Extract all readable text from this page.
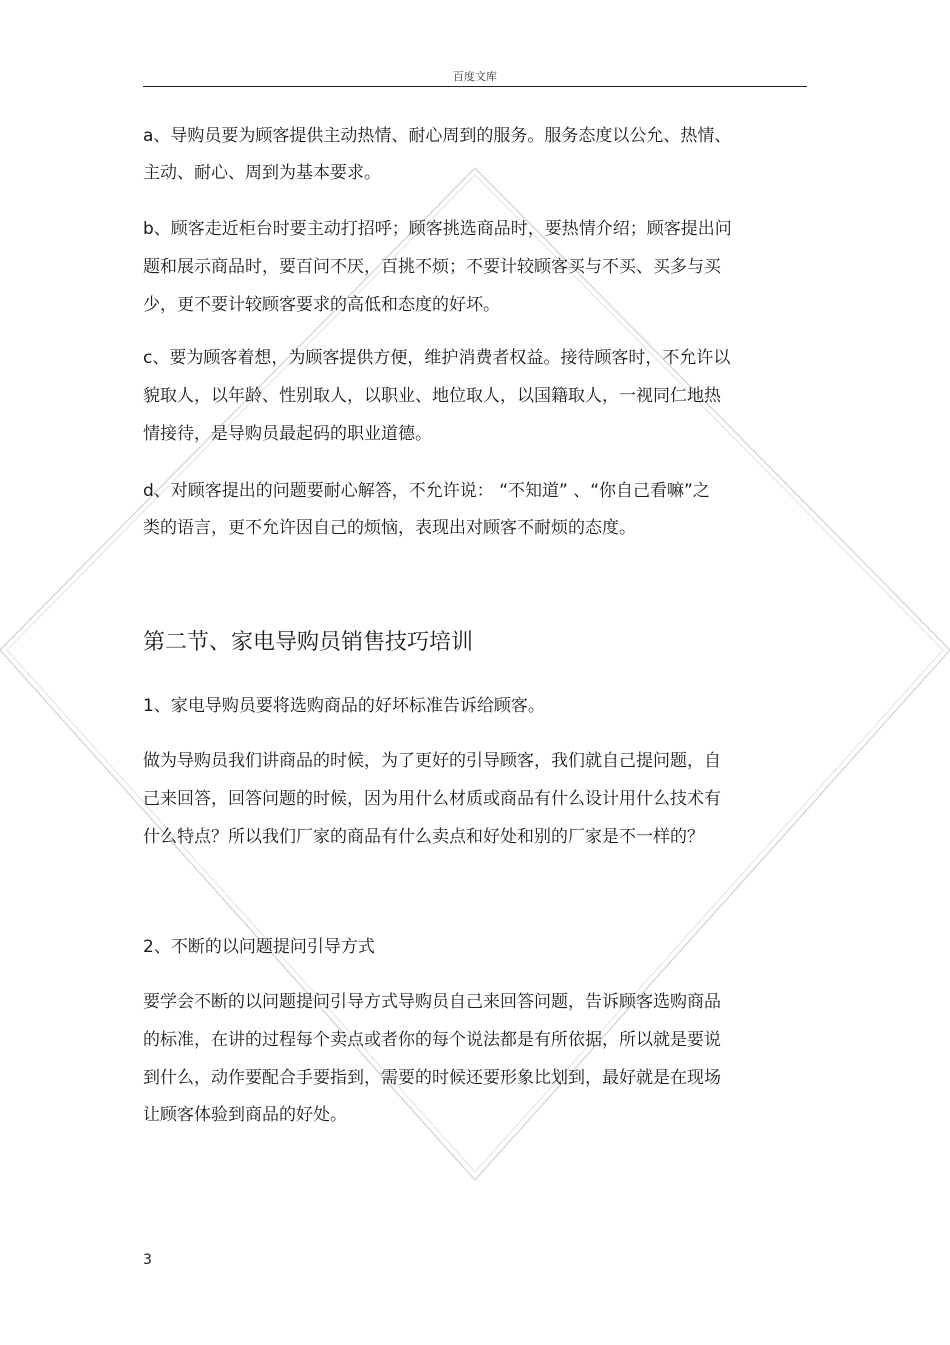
百度文库
a、导购员要为顾客提供主动热情、耐心周到的服务。服务态度以公允、热情、
主动、耐心、周到为基本要求。
b、顾客走近柜台时要主动打招呼；顾客挑选商品时，要热情介绍；顾客提出问
题和展示商品时，要百问不厌，百挑不烦；不要计较顾客买与不买、买多与买
少，更不要计较顾客要求的高低和态度的好坏。
c、要为顾客着想，为顾客提供方便，维护消费者权益。接待顾客时，不允许以
貌取人，以年龄、性别取人，以职业、地位取人，以国籍取人，一视同仁地热
情接待，是导购员最起码的职业道德。
d、对顾客提出的问题要耐心解答，不允许说： “不知道” 、“你自己看嘛”之
类的语言，更不允许因自己的烦恼，表现出对顾客不耐烦的态度。
第二节、家电导购员销售技巧培训
1、家电导购员要将选购商品的好坏标准告诉给顾客。
做为导购员我们讲商品的时候，为了更好的引导顾客，我们就自己提问题，自
己来回答，回答问题的时候，因为用什么材质或商品有什么设计用什么技术有
什么特点？所以我们厂家的商品有什么卖点和好处和别的厂家是不一样的？
2、不断的以问题提问引导方式
要学会不断的以问题提问引导方式导购员自己来回答问题，告诉顾客选购商品
的标准，在讲的过程每个卖点或者你的每个说法都是有所依据，所以就是要说
到什么，动作要配合手要指到，需要的时候还要形象比划到，最好就是在现场
让顾客体验到商品的好处。
3
